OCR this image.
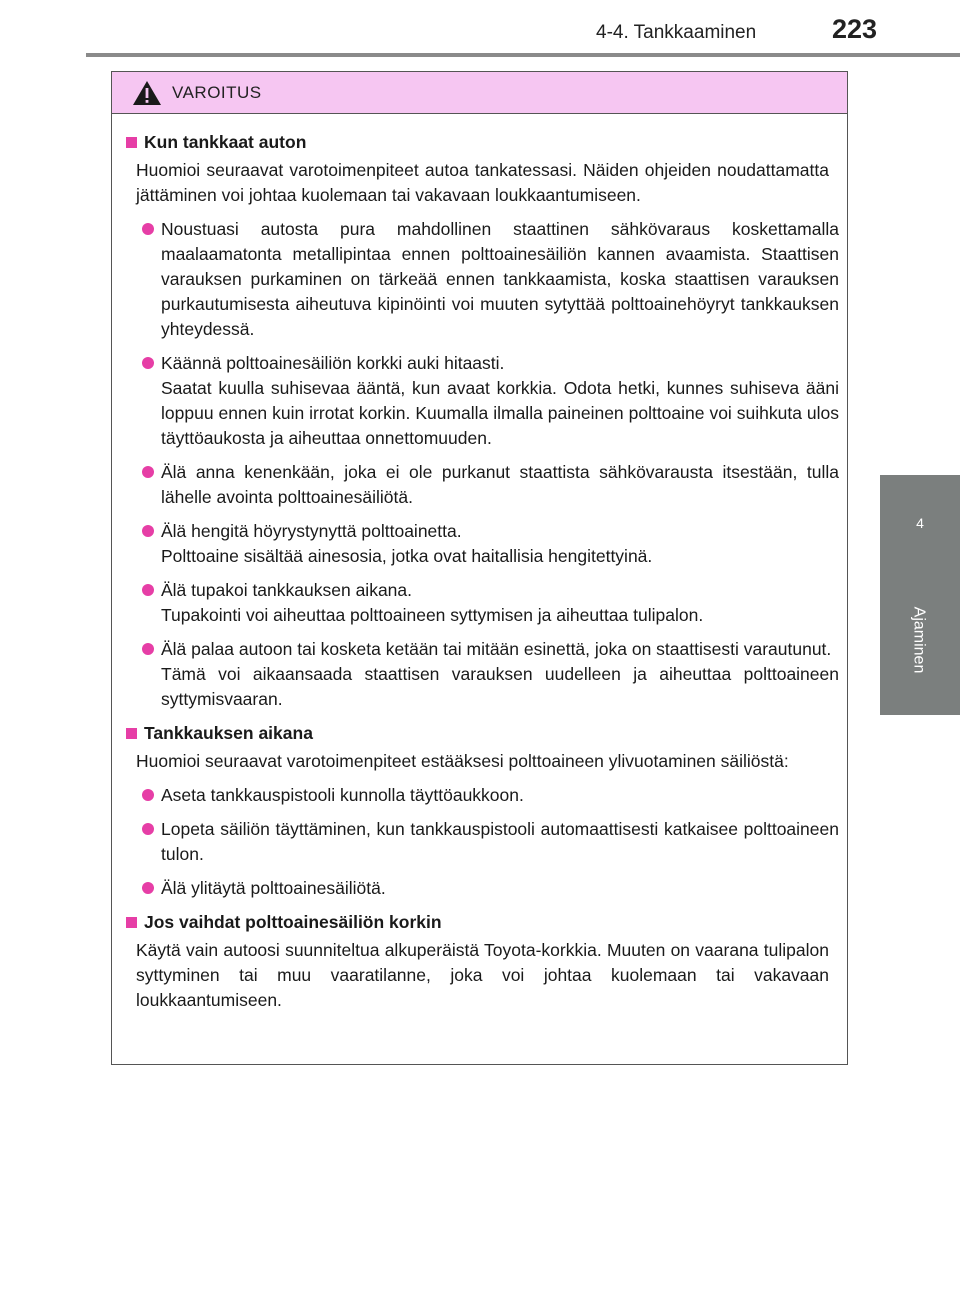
4-4. Tankkaaminen	223
4
Ajaminen
VAROITUS
Kun tankkaat auton
Huomioi seuraavat varotoimenpiteet autoa tankatessasi. Näiden ohjeiden noudattamatta jättäminen voi johtaa kuolemaan tai vakavaan loukkaantumiseen.
Noustuasi autosta pura mahdollinen staattinen sähkövaraus koskettamalla maalaamatonta metallipintaa ennen polttoainesäiliön kannen avaamista. Staattisen varauksen purkaminen on tärkeää ennen tankkaamista, koska staattisen varauksen purkautumisesta aiheutuva kipinöinti voi muuten sytyttää polttoainehöyryt tankkauksen yhteydessä.
Käännä polttoainesäiliön korkki auki hitaasti.
Saatat kuulla suhisevaa ääntä, kun avaat korkkia. Odota hetki, kunnes suhiseva ääni loppuu ennen kuin irrotat korkin. Kuumalla ilmalla paineinen polttoaine voi suihkuta ulos täyttöaukosta ja aiheuttaa onnettomuuden.
Älä anna kenenkään, joka ei ole purkanut staattista sähkövarausta itsestään, tulla lähelle avointa polttoainesäiliötä.
Älä hengitä höyrystynyttä polttoainetta.
Polttoaine sisältää ainesosia, jotka ovat haitallisia hengitettyinä.
Älä tupakoi tankkauksen aikana.
Tupakointi voi aiheuttaa polttoaineen syttymisen ja aiheuttaa tulipalon.
Älä palaa autoon tai kosketa ketään tai mitään esinettä, joka on staattisesti varautunut.
Tämä voi aikaansaada staattisen varauksen uudelleen ja aiheuttaa polttoaineen syttymisvaaran.
Tankkauksen aikana
Huomioi seuraavat varotoimenpiteet estääksesi polttoaineen ylivuotaminen säiliöstä:
Aseta tankkauspistooli kunnolla täyttöaukkoon.
Lopeta säiliön täyttäminen, kun tankkauspistooli automaattisesti katkaisee polttoaineen tulon.
Älä ylitäytä polttoainesäiliötä.
Jos vaihdat polttoainesäiliön korkin
Käytä vain autoosi suunniteltua alkuperäistä Toyota-korkkia. Muuten on vaarana tulipalon syttyminen tai muu vaaratilanne, joka voi johtaa kuolemaan tai vakavaan loukkaantumiseen.
